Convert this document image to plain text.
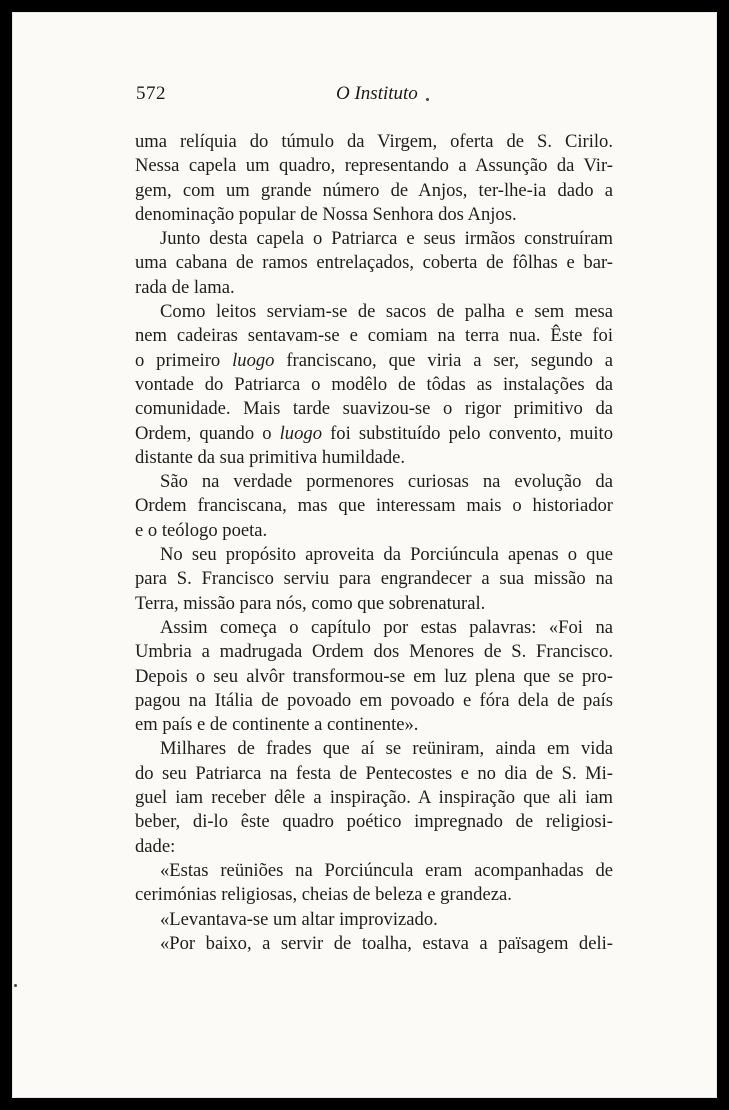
572	O Instituto
uma relíquia do túmulo da Virgem, oferta de S. Cirilo.
Nessa capela um quadro, representando a Assunção da Vir-
gem, com um grande número de Anjos, ter-lhe-ia dado a
denominação popular de Nossa Senhora dos Anjos.
Junto desta capela o Patriarca e seus irmãos construíram
uma cabana de ramos entrelaçados, coberta de fôlhas e bar-
rada de lama.
Como leitos serviam-se de sacos de palha e sem mesa
nem cadeiras sentavam-se e comiam na terra nua. Êste foi
o primeiro luogo franciscano, que viria a ser, segundo a
vontade do Patriarca o modêlo de tôdas as instalações da
comunidade. Mais tarde suavizou-se o rigor primitivo da
Ordem, quando o luogo foi substituído pelo convento, muito
distante da sua primitiva humildade.
São na verdade pormenores curiosas na evolução da
Ordem franciscana, mas que interessam mais o historiador
e o teólogo poeta.
No seu propósito aproveita da Porciúncula apenas o que
para S. Francisco serviu para engrandecer a sua missão na
Terra, missão para nós, como que sobrenatural.
Assim começa o capítulo por estas palavras: «Foi na
Umbria a madrugada Ordem dos Menores de S. Francisco.
Depois o seu alvôr transformou-se em luz plena que se pro-
pagou na Itália de povoado em povoado e fóra dela de país
em país e de continente a continente».
Milhares de frades que aí se reüniram, ainda em vida
do seu Patriarca na festa de Pentecostes e no dia de S. Mi-
guel iam receber dêle a inspiração. A inspiração que ali iam
beber, di-lo êste quadro poético impregnado de religiosi-
dade:
«Estas reüniões na Porciúncula eram acompanhadas de
cerimónias religiosas, cheias de beleza e grandeza.
«Levantava-se um altar improvizado.
«Por baixo, a servir de toalha, estava a païsagem deli-
